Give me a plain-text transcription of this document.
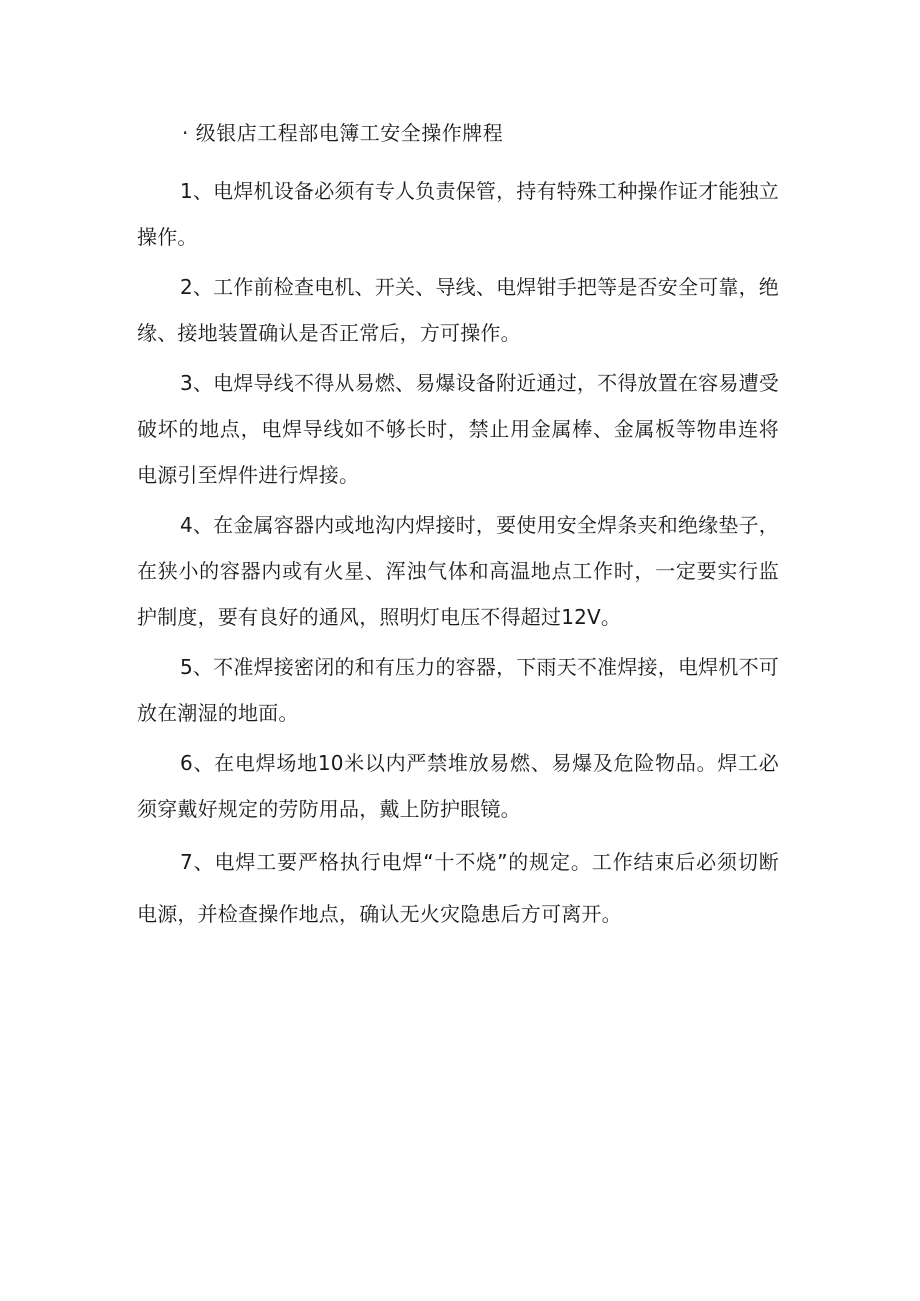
· 级银店工程部电簿工安全操作牌程

1、电焊机设备必须有专人负责保管，持有特殊工种操作证才能独立操作。

2、工作前检查电机、开关、导线、电焊钳手把等是否安全可靠，绝缘、接地装置确认是否正常后，方可操作。

3、电焊导线不得从易燃、易爆设备附近通过，不得放置在容易遭受破坏的地点，电焊导线如不够长时，禁止用金属棒、金属板等物串连将电源引至焊件进行焊接。

4、在金属容器内或地沟内焊接时，要使用安全焊条夹和绝缘垫子，在狭小的容器内或有火星、浑浊气体和高温地点工作时，一定要实行监护制度，要有良好的通风，照明灯电压不得超过12V。

5、不准焊接密闭的和有压力的容器，下雨天不准焊接，电焊机不可放在潮湿的地面。

6、在电焊场地10米以内严禁堆放易燃、易爆及危险物品。焊工必须穿戴好规定的劳防用品，戴上防护眼镜。

7、电焊工要严格执行电焊“十不烧”的规定。工作结束后必须切断电源，并检查操作地点，确认无火灾隐患后方可离开。
